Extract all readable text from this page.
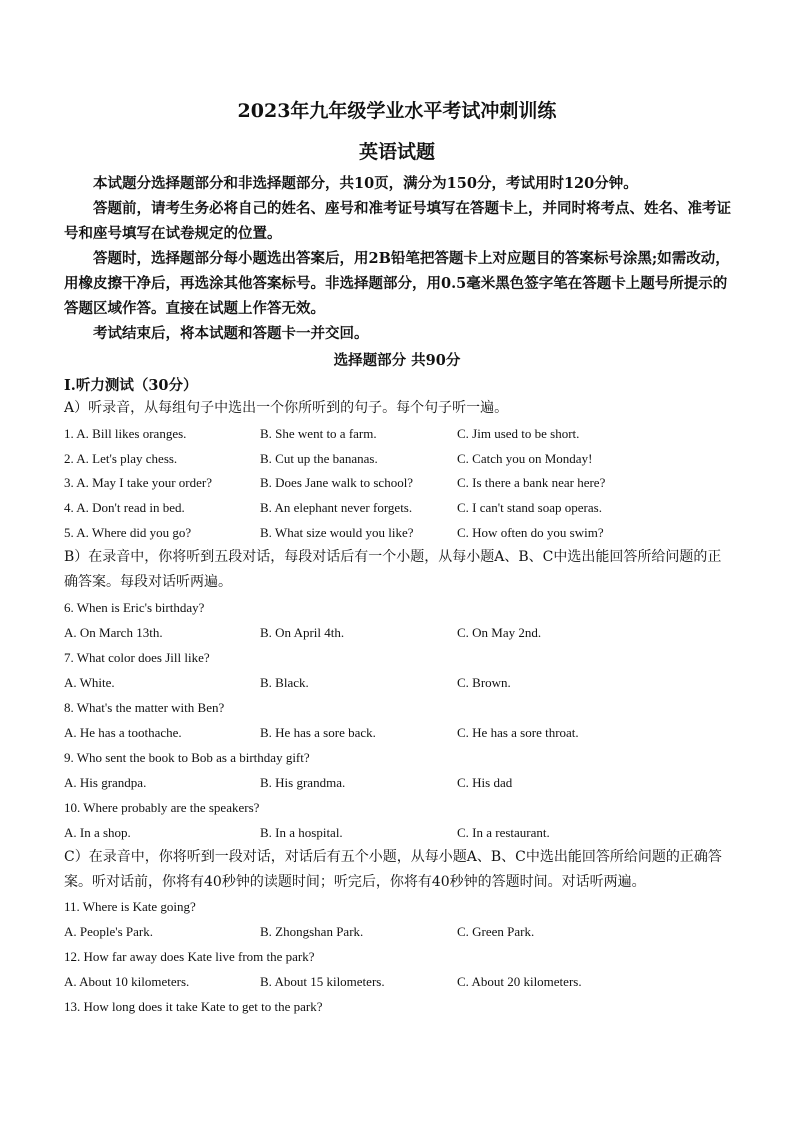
2023年九年级学业水平考试冲刺训练
英语试题

本试题分选择题部分和非选择题部分，共10页，满分为150分，考试用时120分钟。

答题前，请考生务必将自己的姓名、座号和准考证号填写在答题卡上，并同时将考点、姓名、准考证号和座号填写在试卷规定的位置。

答题时，选择题部分每小题选出答案后，用2B铅笔把答题卡上对应题目的答案标号涂黑;如需改动，用橡皮擦干净后，再选涂其他答案标号。非选择题部分，用0.5毫米黑色签字笔在答题卡上题号所提示的答题区域作答。直接在试题上作答无效。

考试结束后，将本试题和答题卡一并交回。

选择题部分 共90分
I.听力测试（30分）

A）听录音，从每组句子中选出一个你所听到的句子。每个句子听一遍。

1. A. Bill likes oranges.	B. She went to a farm.	C. Jim used to be short.
2. A. Let's play chess.	B. Cut up the bananas.	C. Catch you on Monday!
3. A. May I take your order?	B. Does Jane walk to school?	C. Is there a bank near here?
4. A. Don't read in bed.	B. An elephant never forgets.	C. I can't stand soap operas.
5. A. Where did you go?	B. What size would you like?	C. How often do you swim?

B）在录音中，你将听到五段对话，每段对话后有一个小题，从每小题A、B、C中选出能回答所给问题的正确答案。每段对话听两遍。

6. When is Eric's birthday?
A. On March 13th.	B. On April 4th.	C. On May 2nd.
7. What color does Jill like?
A. White.	B. Black.	C. Brown.
8. What's the matter with Ben?
A. He has a toothache.	B. He has a sore back.	C. He has a sore throat.
9. Who sent the book to Bob as a birthday gift?
A. His grandpa.	B. His grandma.	C. His dad
10. Where probably are the speakers?
A. In a shop.	B. In a hospital.	C. In a restaurant.

C）在录音中，你将听到一段对话，对话后有五个小题，从每小题A、B、C中选出能回答所给问题的正确答案。听对话前，你将有40秒钟的读题时间；听完后，你将有40秒钟的答题时间。对话听两遍。

11. Where is Kate going?
A. People's Park.	B. Zhongshan Park.	C. Green Park.
12. How far away does Kate live from the park?
A. About 10 kilometers.	B. About 15 kilometers.	C. About 20 kilometers.
13. How long does it take Kate to get to the park?
